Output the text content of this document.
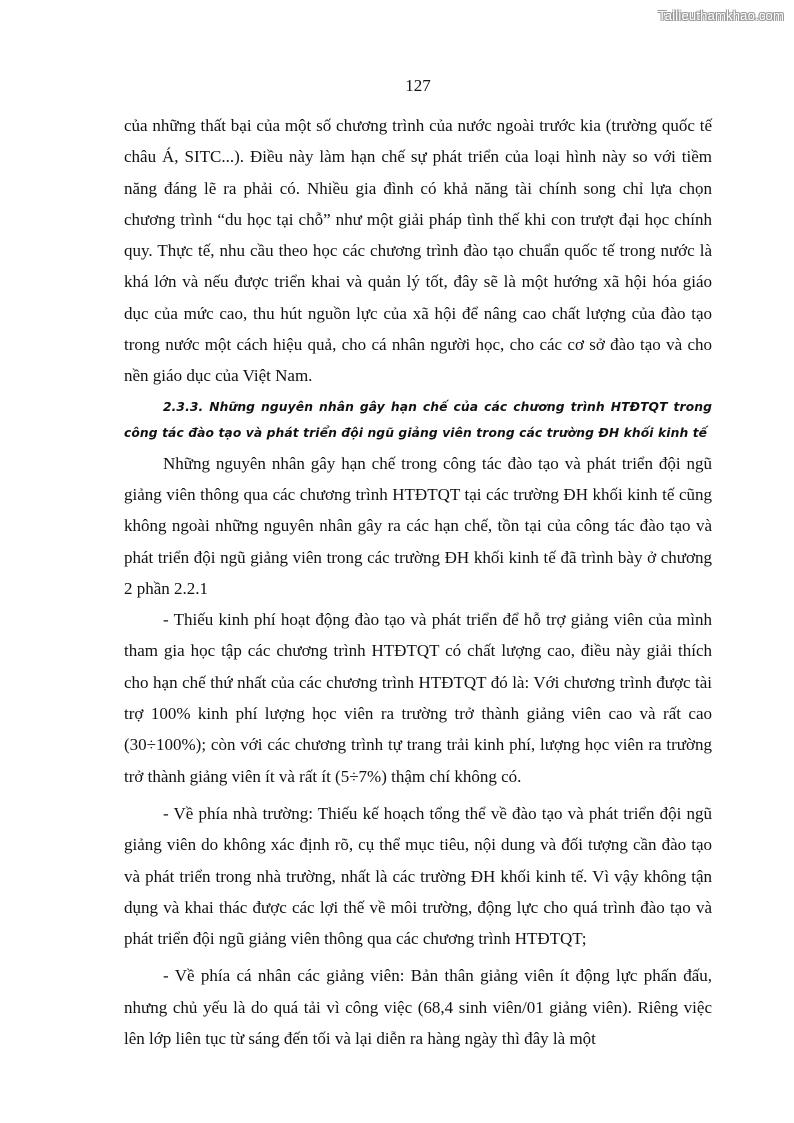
Tailieuthamkhao.com
127

của những thất bại của một số chương trình của nước ngoài trước kia (trường quốc tế châu Á, SITC...). Điều này làm hạn chế sự phát triển của loại hình này so với tiềm năng đáng lẽ ra phải có. Nhiều gia đình có khả năng tài chính song chỉ lựa chọn chương trình “du học tại chỗ” như một giải pháp tình thế khi con trượt đại học chính quy. Thực tế, nhu cầu theo học các chương trình đào tạo chuẩn quốc tế trong nước là khá lớn và nếu được triển khai và quản lý tốt, đây sẽ là một hướng xã hội hóa giáo dục của mức cao, thu hút nguồn lực của xã hội để nâng cao chất lượng của đào tạo trong nước một cách hiệu quả, cho cá nhân người học, cho các cơ sở đào tạo và cho nền giáo dục của Việt Nam.

2.3.3. Những nguyên nhân gây hạn chế của các chương trình HTĐTQT trong công tác đào tạo và phát triển đội ngũ giảng viên trong các trường ĐH khối kinh tế

Những nguyên nhân gây hạn chế trong công tác đào tạo và phát triển đội ngũ giảng viên thông qua các chương trình HTĐTQT tại các trường ĐH khối kinh tế cũng không ngoài những nguyên nhân gây ra các hạn chế, tồn tại của công tác đào tạo và phát triển đội ngũ giảng viên trong các trường ĐH khối kinh tế đã trình bày ở chương 2 phần 2.2.1

- Thiếu kinh phí hoạt động đào tạo và phát triển để hỗ trợ giảng viên của mình tham gia học tập các chương trình HTĐTQT có chất lượng cao, điều này giải thích cho hạn chế thứ nhất của các chương trình HTĐTQT đó là: Với chương trình được tài trợ 100% kinh phí lượng học viên ra trường trở thành giảng viên cao và rất cao (30÷100%); còn với các chương trình tự trang trải kinh phí, lượng học viên ra trường trở thành giảng viên ít và rất ít (5÷7%) thậm chí không có.

- Về phía nhà trường: Thiếu kế hoạch tổng thể về đào tạo và phát triển đội ngũ giảng viên do không xác định rõ, cụ thể mục tiêu, nội dung và đối tượng cần đào tạo và phát triển trong nhà trường, nhất là các trường ĐH khối kinh tế. Vì vậy không tận dụng và khai thác được các lợi thế về môi trường, động lực cho quá trình đào tạo và phát triển đội ngũ giảng viên thông qua các chương trình HTĐTQT;

- Về phía cá nhân các giảng viên: Bản thân giảng viên ít động lực phấn đấu, nhưng chủ yếu là do quá tải vì công việc (68,4 sinh viên/01 giảng viên). Riêng việc lên lớp liên tục từ sáng đến tối và lại diễn ra hàng ngày thì đây là một
